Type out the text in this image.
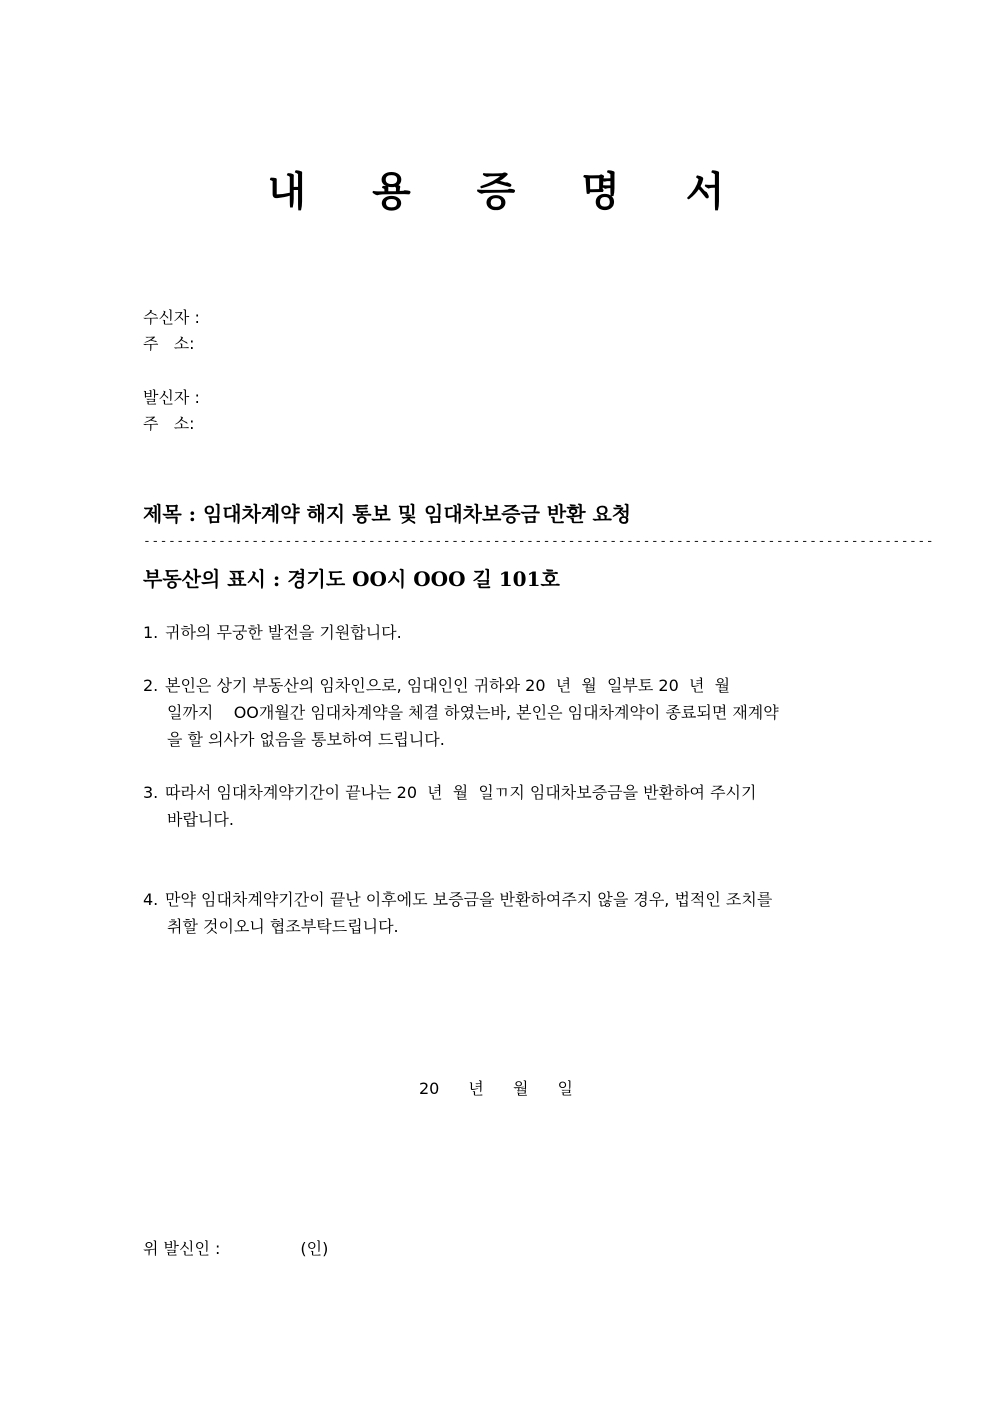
내 용 증 명 서
수신자 :
주   소:
발신자 :
주   소:
제목 : 임대차계약 해지 통보 및 임대차보증금 반환 요청
-----------------------------------------------------------------------------------------------
부동산의 표시 : 경기도 OO시 OOO 길 101호
1. 귀하의 무궁한 발전을 기원합니다.
2. 본인은 상기 부동산의 임차인으로, 임대인인 귀하와 20  년  월  일부토 20  년  월
일까지    OO개월간 임대차계약을 체결 하였는바, 본인은 임대차계약이 종료되면 재계약
을 할 의사가 없음을 통보하여 드립니다.
3. 따라서 임대차계약기간이 끝나는 20  년  월  일ㄲ지 임대차보증금을 반환하여 주시기
바랍니다.
4. 만약 임대차계약기간이 끝난 이후에도 보증금을 반환하여주지 않을 경우, 법적인 조치를
취할 것이오니 협조부탁드립니다.
20 년 월 일
위 발신인 :	(인)
